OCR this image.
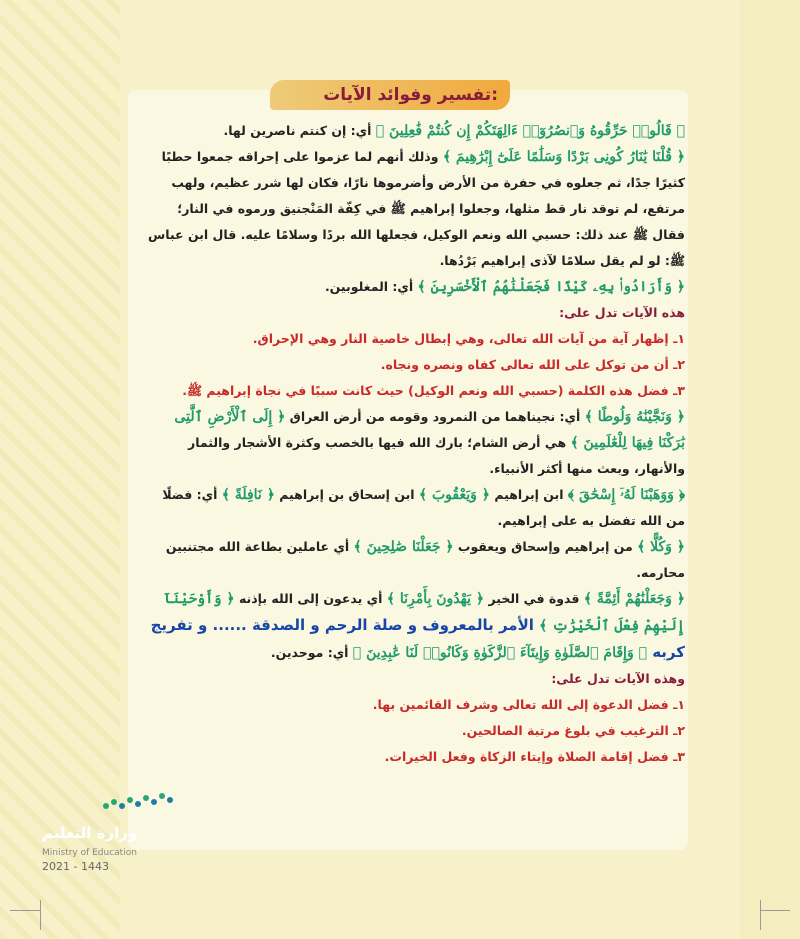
تفسير وفوائد الآيات:

﴿ قَالُوا۟ حَرِّقُوهُ وَٱنصُرُوٓا۟ ءَالِهَتَكُمْ إِن كُنتُمْ فَٰعِلِينَ ﴾ أي: إن كنتم ناصرين لها.

﴿ قُلْنَا يَٰنَارُ كُونِى بَرْدًا وَسَلَٰمًا عَلَىٰٓ إِبْرَٰهِيمَ ﴾ وذلك أنهم لما عزموا على إحراقه جمعوا حطبًا كثيرًا جدًا، ثم جعلوه في حفرة من الأرض وأضرموها نارًا، فكان لها شرر عظيم، ولهب مرتفع، لم توقد نار قط مثلها، وجعلوا إبراهيم ﷺ في كِفّة المَنْجنيق ورموه في النار؛ فقال ﷺ عند ذلك: حسبي الله ونعم الوكيل، فجعلها الله بردًا وسلامًا عليه. قال ابن عباس ﷺ: لو لم يقل سلامًا لآذى إبراهيم بَرْدُها.

﴿ وَأَرَادُوا۟ بِهِۦ كَيْدًا فَجَعَلْنَٰهُمُ ٱلْأَخْسَرِينَ ﴾ أي: المغلوبين.

هذه الآيات تدل على:

١ـ إظهار آية من آيات الله تعالى، وهي إبطال خاصية النار وهي الإحراق.

٢ـ أن من توكل على الله تعالى كفاه ونصره ونجاه.

٣ـ فضل هذه الكلمة (حسبي الله ونعم الوكيل) حيث كانت سببًا في نجاة إبراهيم ﷺ.

﴿ وَنَجَّيْنَٰهُ وَلُوطًا ﴾ أي: نجيناهما من النمرود وقومه من أرض العراق ﴿ إِلَى ٱلْأَرْضِ ٱلَّتِى بَٰرَكْنَا فِيهَا لِلْعَٰلَمِينَ ﴾ هي أرض الشام؛ بارك الله فيها بالخصب وكثرة الأشجار والثمار والأنهار، وبعث منها أكثر الأنبياء.

﴿ وَوَهَبْنَا لَهُۥٓ إِسْحَٰقَ ﴾ ابن إبراهيم ﴿ وَيَعْقُوبَ ﴾ ابن إسحاق بن إبراهيم ﴿ نَافِلَةً ﴾ أي: فضلًا من الله تفضل به على إبراهيم.

﴿ وَكُلًّا ﴾ من إبراهيم وإسحاق ويعقوب ﴿ جَعَلْنَا صَٰلِحِينَ ﴾ أي عاملين بطاعة الله مجتنبين محارمه.

﴿ وَجَعَلْنَٰهُمْ أَئِمَّةً ﴾ قدوة في الخير ﴿ يَهْدُونَ بِأَمْرِنَا ﴾ أي يدعون إلى الله بإذنه ﴿ وَأَوْحَيْنَآ إِلَيْهِمْ فِعْلَ ٱلْخَيْرَٰتِ ﴾ الأمر بالمعروف و صلة الرحم و الصدقة ...... و تفريج كربه ﴿ وَإِقَامَ ٱلصَّلَوٰةِ وَإِيتَآءَ ٱلزَّكَوٰةِ وَكَانُوا۟ لَنَا عَٰبِدِينَ ﴾ أي: موحدين.

وهذه الآيات تدل على:

١ـ فضل الدعوة إلى الله تعالى وشرف القائمين بها.

٢ـ الترغيب في بلوغ مرتبة الصالحين.

٣ـ فضل إقامة الصلاة وإيتاء الزكاة وفعل الخيرات.

وزارة التعليم
Ministry of Education
2021 - 1443
